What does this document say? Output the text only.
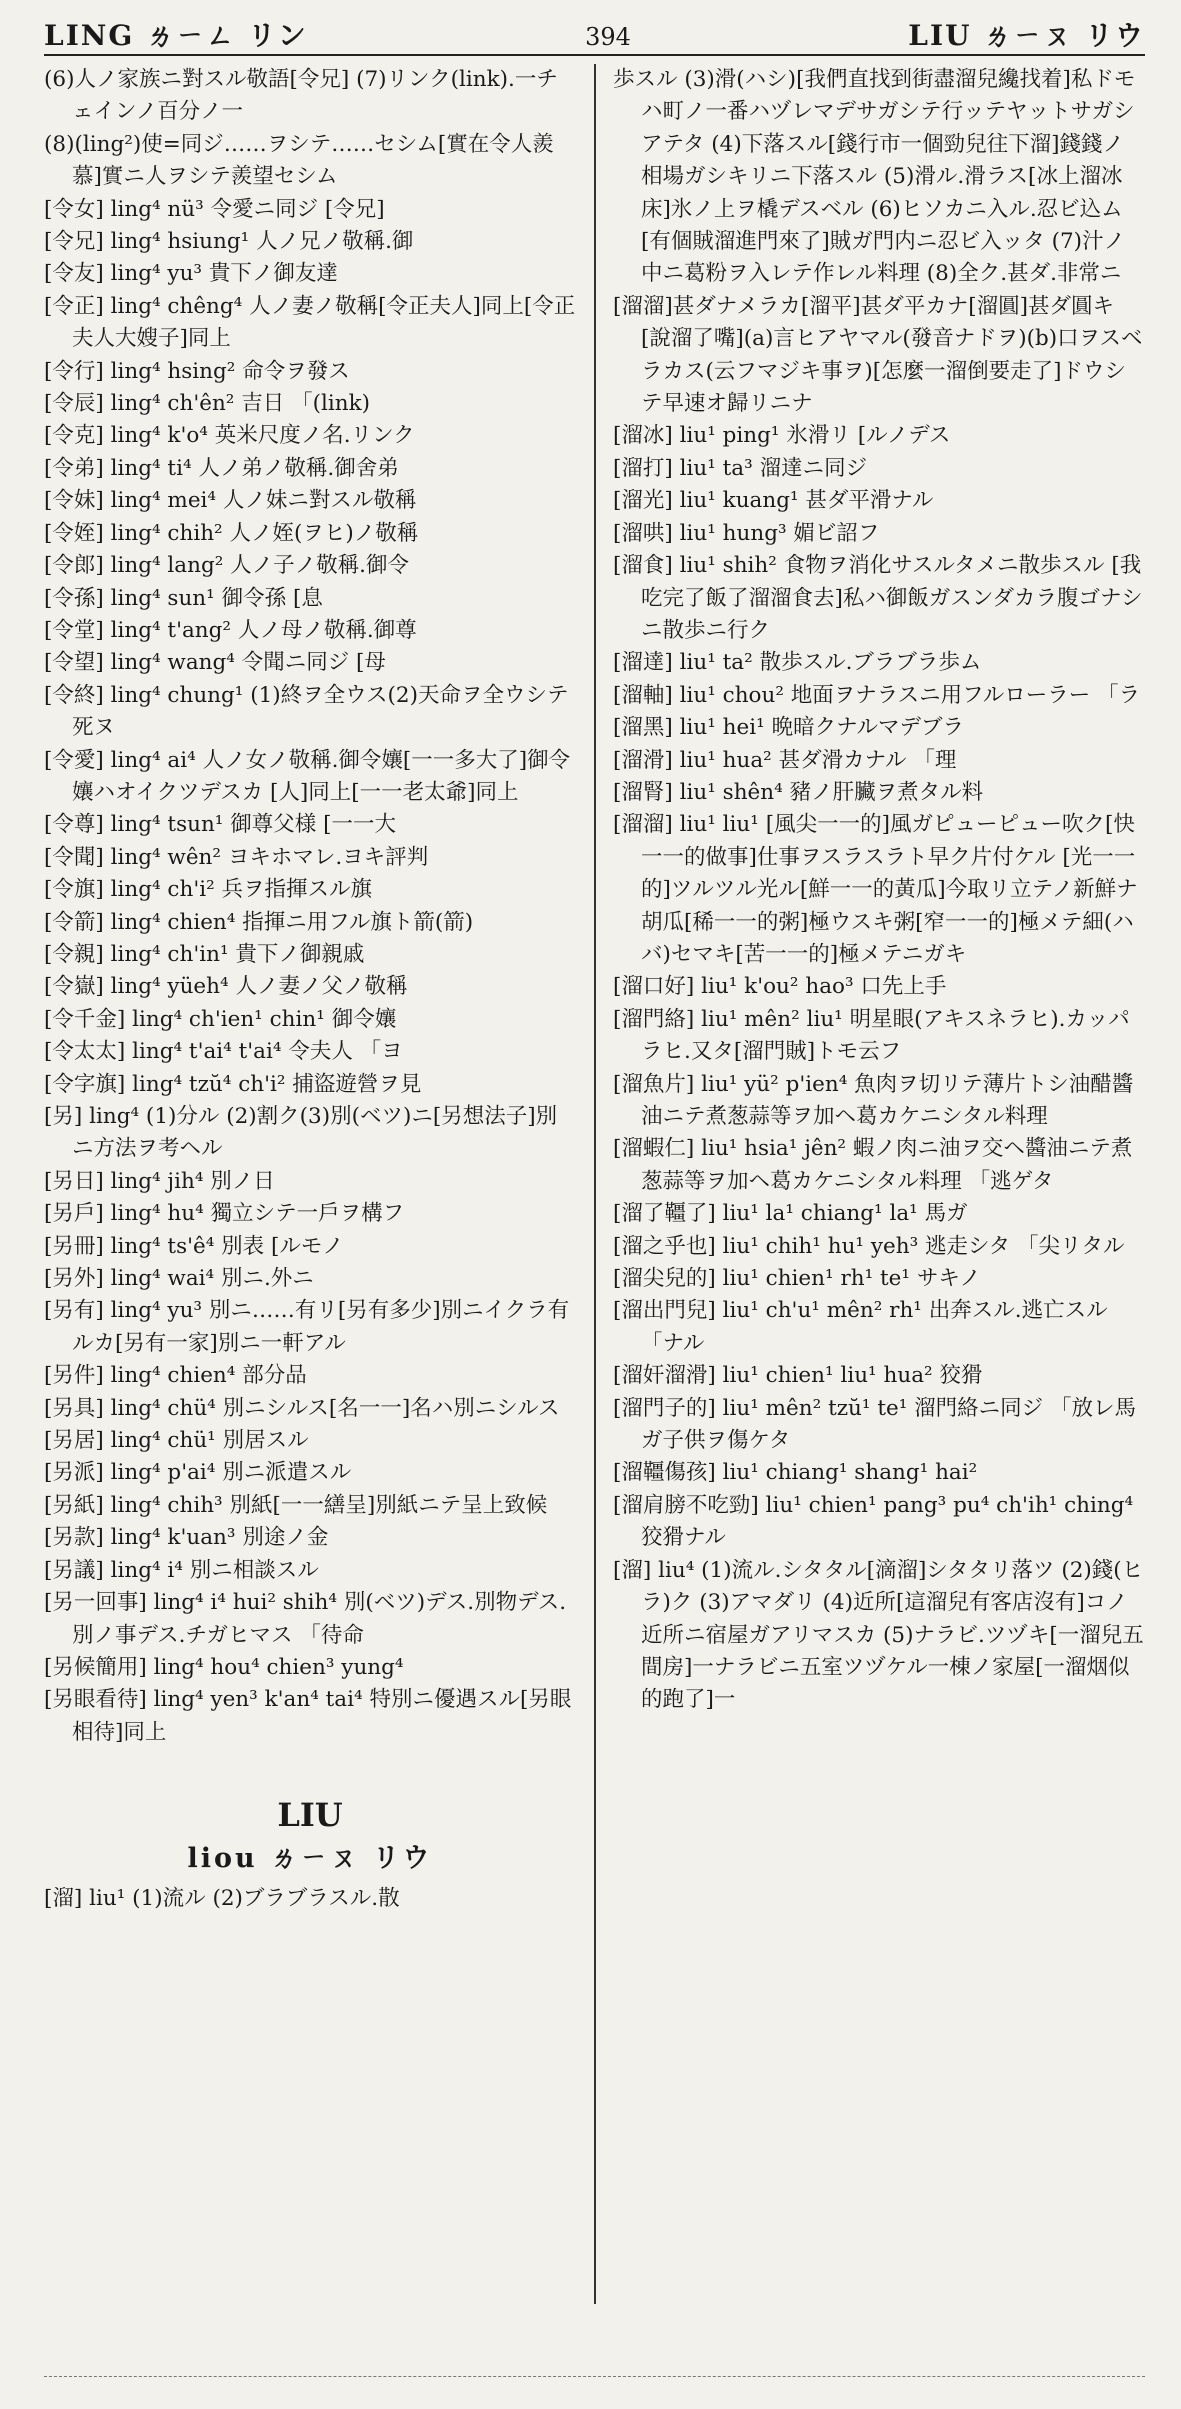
LING ㄌㄧㄥ リン	394	LIU ㄌㄧㄡ リウ

(6)人ノ家族ニ對スル敬語[令兄] (7)リンク(link).一チェインノ百分ノ一

(8)(ling²)使=同ジ……ヲシテ……セシム[實在令人羨慕]實ニ人ヲシテ羨望セシム

[令女] ling⁴ nü³ 令愛ニ同ジ [令兄]

[令兄] ling⁴ hsiung¹ 人ノ兄ノ敬稱.御

[令友] ling⁴ yu³ 貴下ノ御友達

[令正] ling⁴ chêng⁴ 人ノ妻ノ敬稱[令正夫人]同上[令正夫人大嫂子]同上

[令行] ling⁴ hsing² 命令ヲ發ス

[令辰] ling⁴ ch'ên² 吉日 「(link)

[令克] ling⁴ k'o⁴ 英米尺度ノ名.リンク

[令弟] ling⁴ ti⁴ 人ノ弟ノ敬稱.御舍弟

[令妹] ling⁴ mei⁴ 人ノ妹ニ對スル敬稱

[令姪] ling⁴ chih² 人ノ姪(ヲヒ)ノ敬稱

[令郎] ling⁴ lang² 人ノ子ノ敬稱.御令

[令孫] ling⁴ sun¹ 御令孫 [息

[令堂] ling⁴ t'ang² 人ノ母ノ敬稱.御尊

[令望] ling⁴ wang⁴ 令聞ニ同ジ [母

[令終] ling⁴ chung¹ (1)終ヲ全ウス(2)天命ヲ全ウシテ死ヌ

[令愛] ling⁴ ai⁴ 人ノ女ノ敬稱.御令孃[一一多大了]御令孃ハオイクツデスカ [人]同上[一一老太爺]同上

[令尊] ling⁴ tsun¹ 御尊父様 [一一大

[令聞] ling⁴ wên² ヨキホマレ.ヨキ評判

[令旗] ling⁴ ch'i² 兵ヲ指揮スル旗

[令箭] ling⁴ chien⁴ 指揮ニ用フル旗ト箭(箭)

[令親] ling⁴ ch'in¹ 貴下ノ御親戚

[令嶽] ling⁴ yüeh⁴ 人ノ妻ノ父ノ敬稱

[令千金] ling⁴ ch'ien¹ chin¹ 御令孃

[令太太] ling⁴ t'ai⁴ t'ai⁴ 令夫人 「ヨ

[令字旗] ling⁴ tzŭ⁴ ch'i² 捕盜遊營ヲ見

[另] ling⁴ (1)分ル (2)割ク(3)別(ベツ)ニ[另想法子]別ニ方法ヲ考ヘル

[另日] ling⁴ jih⁴ 別ノ日

[另戶] ling⁴ hu⁴ 獨立シテ一戶ヲ構フ

[另冊] ling⁴ ts'ê⁴ 別表 [ルモノ

[另外] ling⁴ wai⁴ 別ニ.外ニ

[另有] ling⁴ yu³ 別ニ……有リ[另有多少]別ニイクラ有ルカ[另有一家]別ニ一軒アル

[另件] ling⁴ chien⁴ 部分品

[另具] ling⁴ chü⁴ 別ニシルス[名一一]名ハ別ニシルス

[另居] ling⁴ chü¹ 別居スル

[另派] ling⁴ p'ai⁴ 別ニ派遣スル

[另紙] ling⁴ chih³ 別紙[一一繕呈]別紙ニテ呈上致候

[另款] ling⁴ k'uan³ 別途ノ金

[另議] ling⁴ i⁴ 別ニ相談スル

[另一回事] ling⁴ i⁴ hui² shih⁴ 別(ベツ)デス.別物デス.別ノ事デス.チガヒマス 「待命

[另候簡用] ling⁴ hou⁴ chien³ yung⁴

[另眼看待] ling⁴ yen³ k'an⁴ tai⁴ 特別ニ優遇スル[另眼相待]同上

LIU
liou ㄌㄧㄡ リウ

[溜] liu¹ (1)流ル (2)ブラブラスル.散

歩スル (3)滑(ハシ)[我們直找到街盡溜兒纔找着]私ドモハ町ノ一番ハヅレマデサガシテ行ッテヤットサガシアテタ (4)下落スル[錢行市一個勁兒往下溜]錢錢ノ相場ガシキリニ下落スル (5)滑ル.滑ラス[冰上溜冰床]氷ノ上ヲ橇デスベル (6)ヒソカニ入ル.忍ビ込ム[有個賊溜進門來了]賊ガ門内ニ忍ビ入ッタ (7)汁ノ中ニ葛粉ヲ入レテ作レル料理 (8)全ク.甚ダ.非常ニ

[溜溜]甚ダナメラカ[溜平]甚ダ平カナ[溜圓]甚ダ圓キ [說溜了嘴](a)言ヒアヤマル(發音ナドヲ)(b)口ヲスベラカス(云フマジキ事ヲ)[怎麼一溜倒要走了]ドウシテ早速オ歸リニナ

[溜冰] liu¹ ping¹ 氷滑リ [ルノデス

[溜打] liu¹ ta³ 溜達ニ同ジ

[溜光] liu¹ kuang¹ 甚ダ平滑ナル

[溜哄] liu¹ hung³ 媚ビ詔フ

[溜食] liu¹ shih² 食物ヲ消化サスルタメニ散歩スル [我吃完了飯了溜溜食去]私ハ御飯ガスンダカラ腹ゴナシニ散歩ニ行ク

[溜達] liu¹ ta² 散歩スル.ブラブラ歩ム

[溜軸] liu¹ chou² 地面ヲナラスニ用フルローラー 「ラ

[溜黑] liu¹ hei¹ 晩暗クナルマデブラ

[溜滑] liu¹ hua² 甚ダ滑カナル 「理

[溜腎] liu¹ shên⁴ 豬ノ肝臟ヲ煮タル料

[溜溜] liu¹ liu¹ [風尖一一的]風ガピューピュー吹ク[快一一的做事]仕事ヲスラスラト早ク片付ケル [光一一的]ツルツル光ル[鮮一一的黃瓜]今取リ立テノ新鮮ナ胡瓜[稀一一的粥]極ウスキ粥[窄一一的]極メテ細(ハバ)セマキ[苦一一的]極メテニガキ

[溜口好] liu¹ k'ou² hao³ 口先上手

[溜門絡] liu¹ mên² liu¹ 明星眼(アキスネラヒ).カッパラヒ.又タ[溜門賊]トモ云フ

[溜魚片] liu¹ yü² p'ien⁴ 魚肉ヲ切リテ薄片トシ油醋醬油ニテ煮葱蒜等ヲ加ヘ葛カケニシタル料理

[溜蝦仁] liu¹ hsia¹ jên² 蝦ノ肉ニ油ヲ交ヘ醬油ニテ煮葱蒜等ヲ加ヘ葛カケニシタル料理 「逃ゲタ

[溜了韁了] liu¹ la¹ chiang¹ la¹ 馬ガ

[溜之乎也] liu¹ chih¹ hu¹ yeh³ 逃走シタ 「尖リタル

[溜尖兒的] liu¹ chien¹ rh¹ te¹ サキノ

[溜出門兒] liu¹ ch'u¹ mên² rh¹ 出奔スル.逃亡スル 「ナル

[溜奸溜滑] liu¹ chien¹ liu¹ hua² 狡猾

[溜門子的] liu¹ mên² tzŭ¹ te¹ 溜門絡ニ同ジ 「放レ馬ガ子供ヲ傷ケタ

[溜韁傷孩] liu¹ chiang¹ shang¹ hai²

[溜肩膀不吃勁] liu¹ chien¹ pang³ pu⁴ ch'ih¹ ching⁴ 狡猾ナル

[溜] liu⁴ (1)流ル.シタタル[滴溜]シタタリ落ツ (2)錢(ヒラ)ク (3)アマダリ (4)近所[這溜兒有客店沒有]コノ近所ニ宿屋ガアリマスカ (5)ナラビ.ツヅキ[一溜兒五間房]一ナラビニ五室ツヅケル一棟ノ家屋[一溜烟似的跑了]一
